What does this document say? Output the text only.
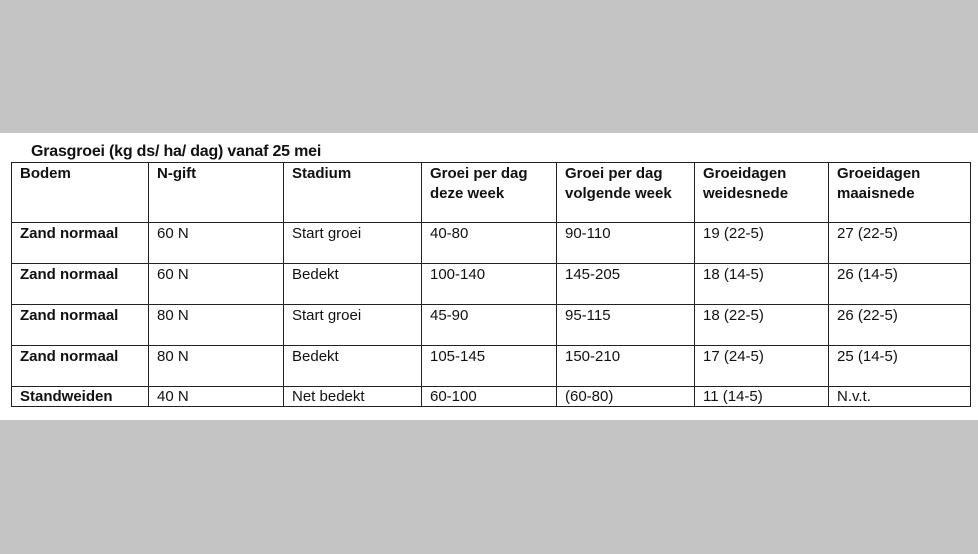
Grasgroei (kg ds/ ha/ dag) vanaf 25 mei
Bodem	N-gift	Stadium	Groei per dag deze week	Groei per dag volgende week	Groeidagen weidesnede	Groeidagen maaisnede
Zand normaal	60 N	Start groei	40-80	90-110	19 (22-5)	27 (22-5)
Zand normaal	60 N	Bedekt	100-140	145-205	18 (14-5)	26 (14-5)
Zand normaal	80 N	Start groei	45-90	95-115	18 (22-5)	26 (22-5)
Zand normaal	80 N	Bedekt	105-145	150-210	17 (24-5)	25 (14-5)
Standweiden	40 N	Net bedekt	60-100	(60-80)	11 (14-5)	N.v.t.
